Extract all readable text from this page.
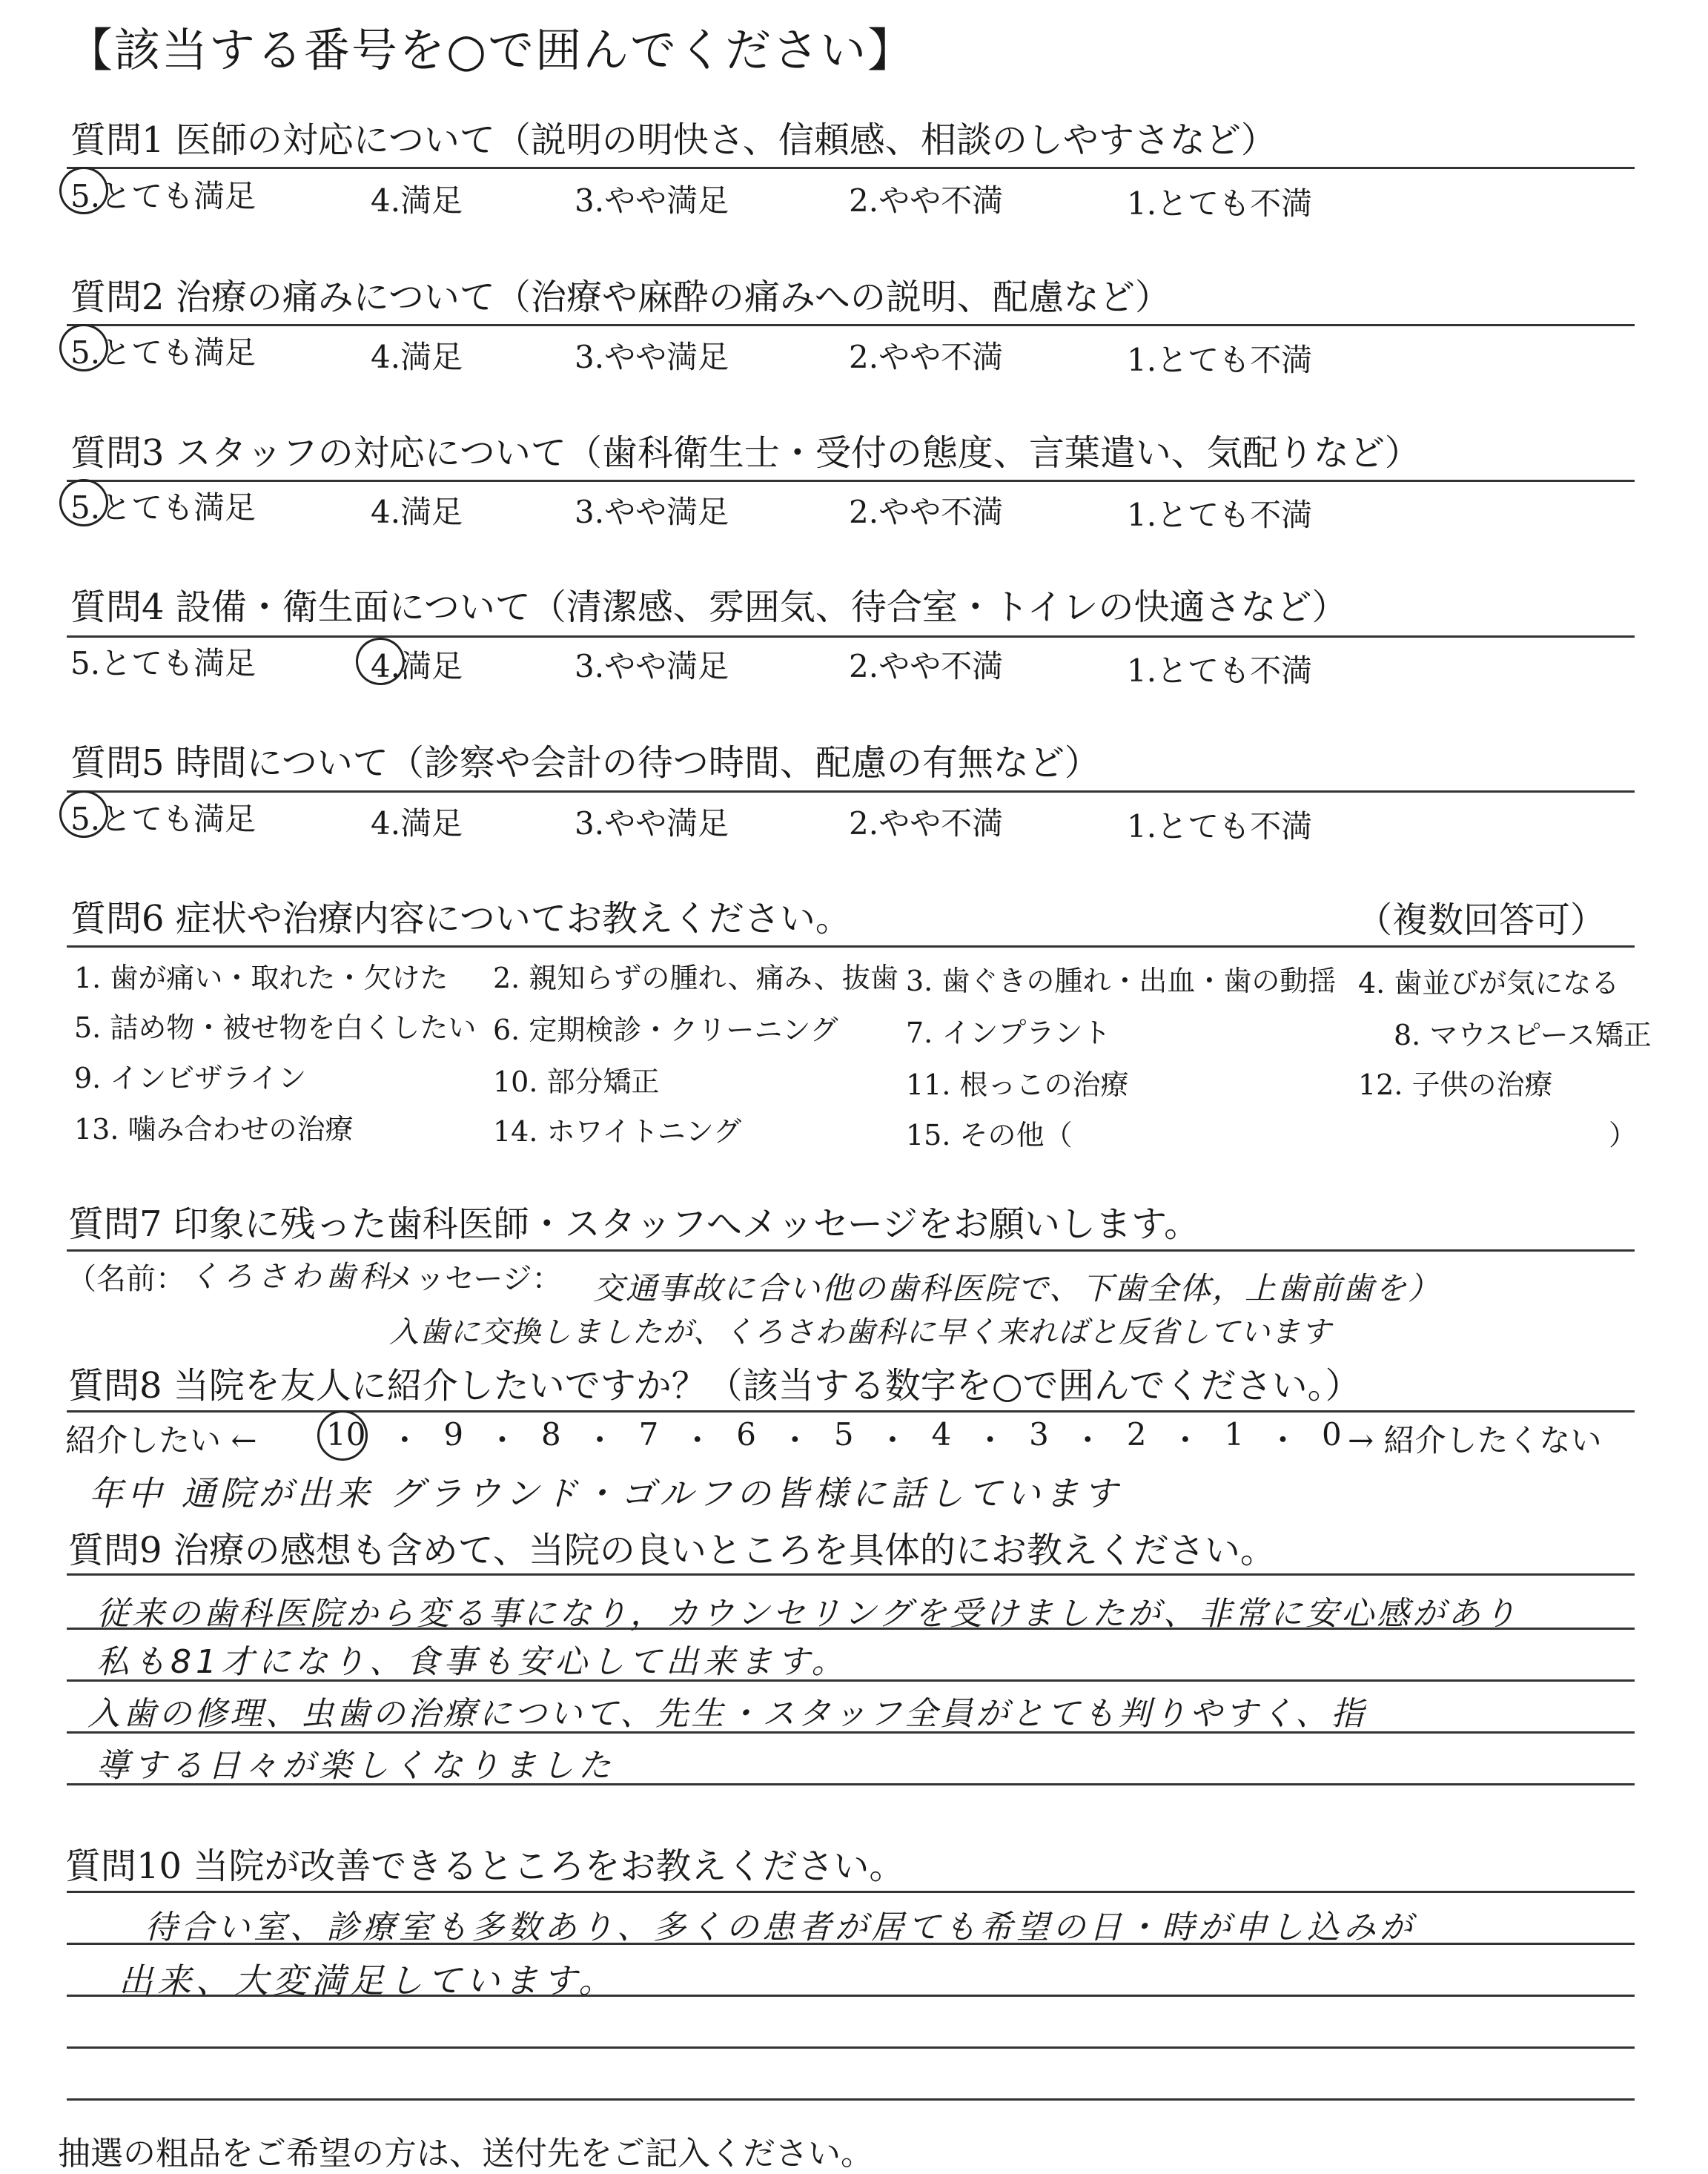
【該当する番号を○で囲んでください】
質問1 医師の対応について（説明の明快さ、信頼感、相談のしやすさなど）
5.とても満足	4.満足	3.やや満足	2.やや不満	1.とても不満
質問2 治療の痛みについて（治療や麻酔の痛みへの説明、配慮など）
5.とても満足	4.満足	3.やや満足	2.やや不満	1.とても不満
質問3 スタッフの対応について（歯科衛生士・受付の態度、言葉遣い、気配りなど）
5.とても満足	4.満足	3.やや満足	2.やや不満	1.とても不満
質問4 設備・衛生面について（清潔感、雰囲気、待合室・トイレの快適さなど）
5.とても満足	4.満足	3.やや満足	2.やや不満	1.とても不満
質問5 時間について（診察や会計の待つ時間、配慮の有無など）
5.とても満足	4.満足	3.やや満足	2.やや不満	1.とても不満
質問6 症状や治療内容についてお教えください。	（複数回答可）
1. 歯が痛い・取れた・欠けた 2. 親知らずの腫れ、痛み、抜歯 3. 歯ぐきの腫れ・出血・歯の動揺 4. 歯並びが気になる
5. 詰め物・被せ物を白くしたい 6. 定期検診・クリーニング 7. インプラント	8. マウスピース矯正
9. インビザライン	10. 部分矯正	11. 根っこの治療	12. 子供の治療
13. 噛み合わせの治療	14. ホワイトニング	15. その他（	）
質問7 印象に残った歯科医師・スタッフへメッセージをお願いします。
（名前： くろさわ歯科
メッセージ： 交通事故に合い他の歯科医院で、下歯全体，上歯前歯を）
入歯に交換しましたが、くろさわ歯科に早く来ればと反省しています
質問8 当院を友人に紹介したいですか？（該当する数字を○で囲んでください。）
紹介したい ← 10 ・ 9 ・ 8 ・ 7 ・ 6 ・ 5 ・ 4 ・ 3 ・ 2 ・ 1 ・ 0 → 紹介したくない
年中 通院が出来 グラウンド・ゴルフの皆様に話しています
質問9 治療の感想も含めて、当院の良いところを具体的にお教えください。
従来の歯科医院から変る事になり，カウンセリングを受けましたが、非常に安心感があり
私も81才になり、食事も安心して出来ます。
入歯の修理、虫歯の治療について、先生・スタッフ全員がとても判りやすく、指
導する日々が楽しくなりました
質問10 当院が改善できるところをお教えください。
待合い室、診療室も多数あり、多くの患者が居ても希望の日・時が申し込みが
出来、大変満足しています。
抽選の粗品をご希望の方は、送付先をご記入ください。
